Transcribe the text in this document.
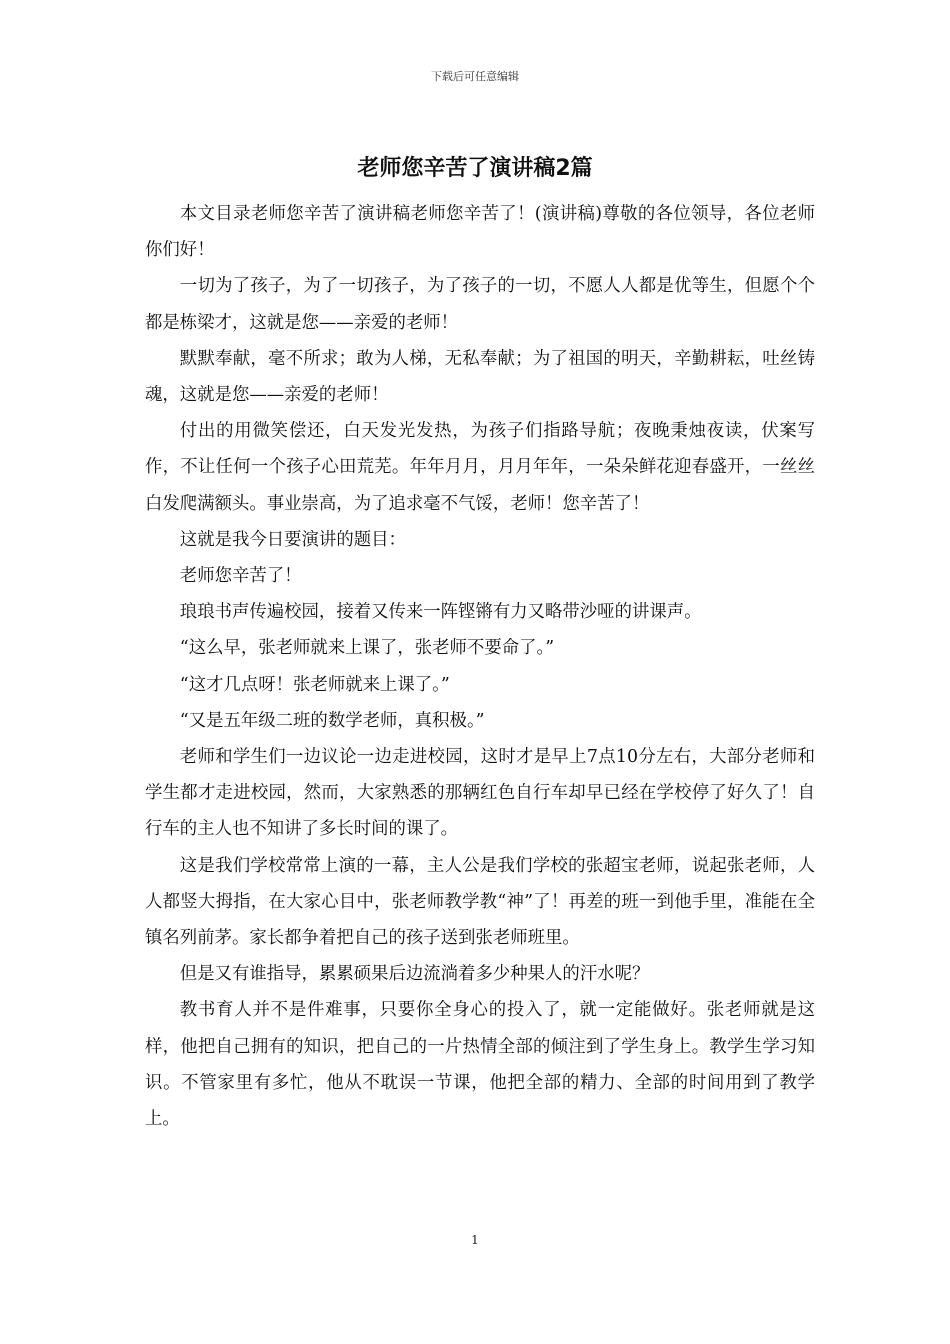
下载后可任意编辑
老师您辛苦了演讲稿2篇

本文目录老师您辛苦了演讲稿老师您辛苦了！(演讲稿)尊敬的各位领导，各位老师你们好！

一切为了孩子，为了一切孩子，为了孩子的一切，不愿人人都是优等生，但愿个个都是栋梁才，这就是您——亲爱的老师！

默默奉献，毫不所求；敢为人梯，无私奉献；为了祖国的明天，辛勤耕耘，吐丝铸魂，这就是您——亲爱的老师！

付出的用微笑偿还，白天发光发热，为孩子们指路导航；夜晚秉烛夜读，伏案写作，不让任何一个孩子心田荒芜。年年月月，月月年年，一朵朵鲜花迎春盛开，一丝丝白发爬满额头。事业崇高，为了追求毫不气馁，老师！您辛苦了！

这就是我今日要演讲的题目：

老师您辛苦了！

琅琅书声传遍校园，接着又传来一阵铿锵有力又略带沙哑的讲课声。

“这么早，张老师就来上课了，张老师不要命了。”

“这才几点呀！张老师就来上课了。”

“又是五年级二班的数学老师，真积极。”

老师和学生们一边议论一边走进校园，这时才是早上7点10分左右，大部分老师和学生都才走进校园，然而，大家熟悉的那辆红色自行车却早已经在学校停了好久了！自行车的主人也不知讲了多长时间的课了。

这是我们学校常常上演的一幕，主人公是我们学校的张超宝老师，说起张老师，人人都竖大拇指，在大家心目中，张老师教学教“神”了！再差的班一到他手里，准能在全镇名列前茅。家长都争着把自己的孩子送到张老师班里。

但是又有谁指导，累累硕果后边流淌着多少种果人的汗水呢？

教书育人并不是件难事，只要你全身心的投入了，就一定能做好。张老师就是这样，他把自己拥有的知识，把自己的一片热情全部的倾注到了学生身上。教学生学习知识。不管家里有多忙，他从不耽误一节课，他把全部的精力、全部的时间用到了教学上。

1
